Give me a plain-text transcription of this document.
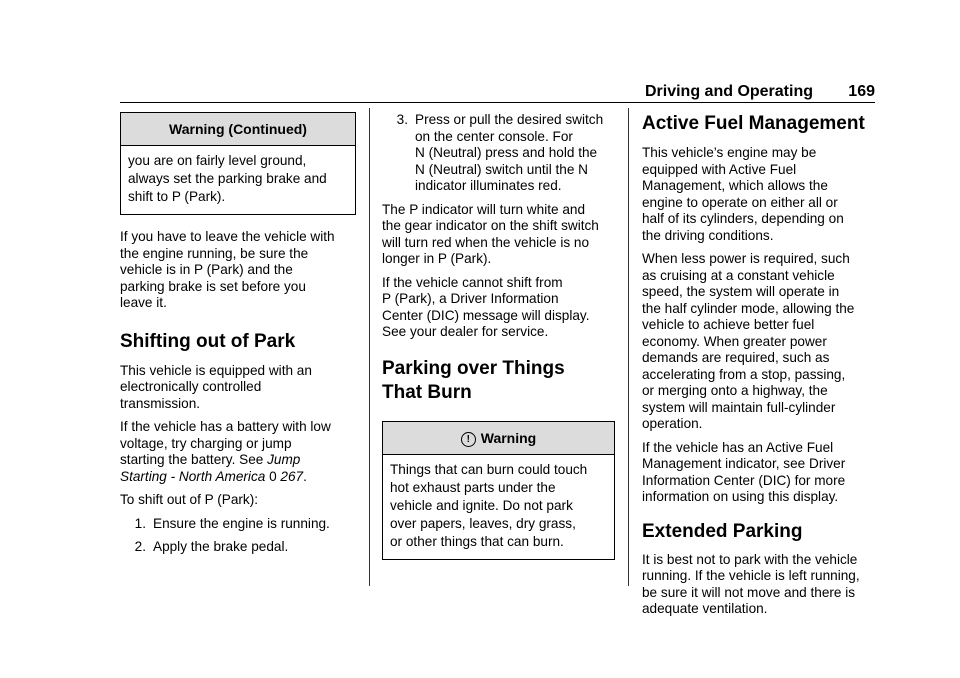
Driving and Operating 169
Warning (Continued)
you are on fairly level ground,
always set the parking brake and
shift to P (Park).

If you have to leave the vehicle with
the engine running, be sure the
vehicle is in P (Park) and the
parking brake is set before you
leave it.

Shifting out of Park

This vehicle is equipped with an
electronically controlled
transmission.

If the vehicle has a battery with low
voltage, try charging or jump
starting the battery. See Jump
Starting - North America 0 267.

To shift out of P (Park):

1. Ensure the engine is running.
2. Apply the brake pedal.
3. Press or pull the desired switch
on the center console. For
N (Neutral) press and hold the
N (Neutral) switch until the N
indicator illuminates red.

The P indicator will turn white and
the gear indicator on the shift switch
will turn red when the vehicle is no
longer in P (Park).

If the vehicle cannot shift from
P (Park), a Driver Information
Center (DIC) message will display.
See your dealer for service.

Parking over Things
That Burn
! Warning
Things that can burn could touch
hot exhaust parts under the
vehicle and ignite. Do not park
over papers, leaves, dry grass,
or other things that can burn.
Active Fuel Management

This vehicle’s engine may be
equipped with Active Fuel
Management, which allows the
engine to operate on either all or
half of its cylinders, depending on
the driving conditions.

When less power is required, such
as cruising at a constant vehicle
speed, the system will operate in
the half cylinder mode, allowing the
vehicle to achieve better fuel
economy. When greater power
demands are required, such as
accelerating from a stop, passing,
or merging onto a highway, the
system will maintain full-cylinder
operation.

If the vehicle has an Active Fuel
Management indicator, see Driver
Information Center (DIC) for more
information on using this display.

Extended Parking

It is best not to park with the vehicle
running. If the vehicle is left running,
be sure it will not move and there is
adequate ventilation.
